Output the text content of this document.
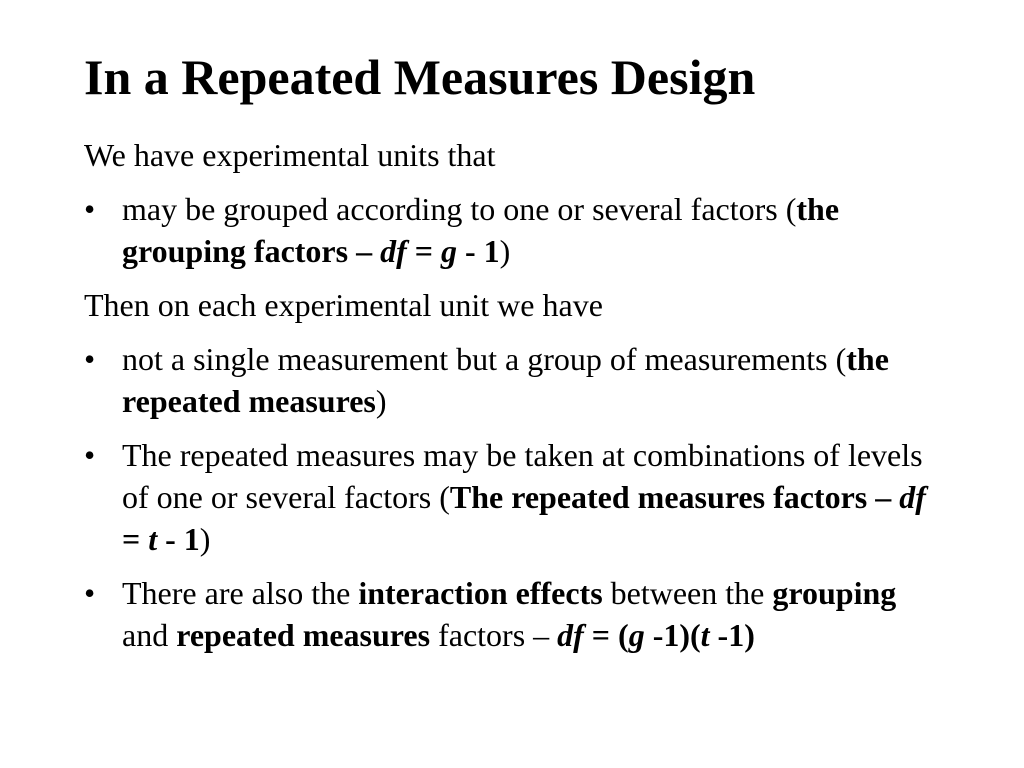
In a Repeated Measures Design

We have experimental units that

• may be grouped according to one or several factors (the grouping factors – df = g - 1)

Then on each experimental unit we have

• not a single measurement but a group of measurements (the repeated measures)
• The repeated measures may be taken at combinations of levels of one or several factors (The repeated measures factors – df = t - 1)
• There are also the interaction effects between the grouping and repeated measures factors – df = (g -1)(t -1)
